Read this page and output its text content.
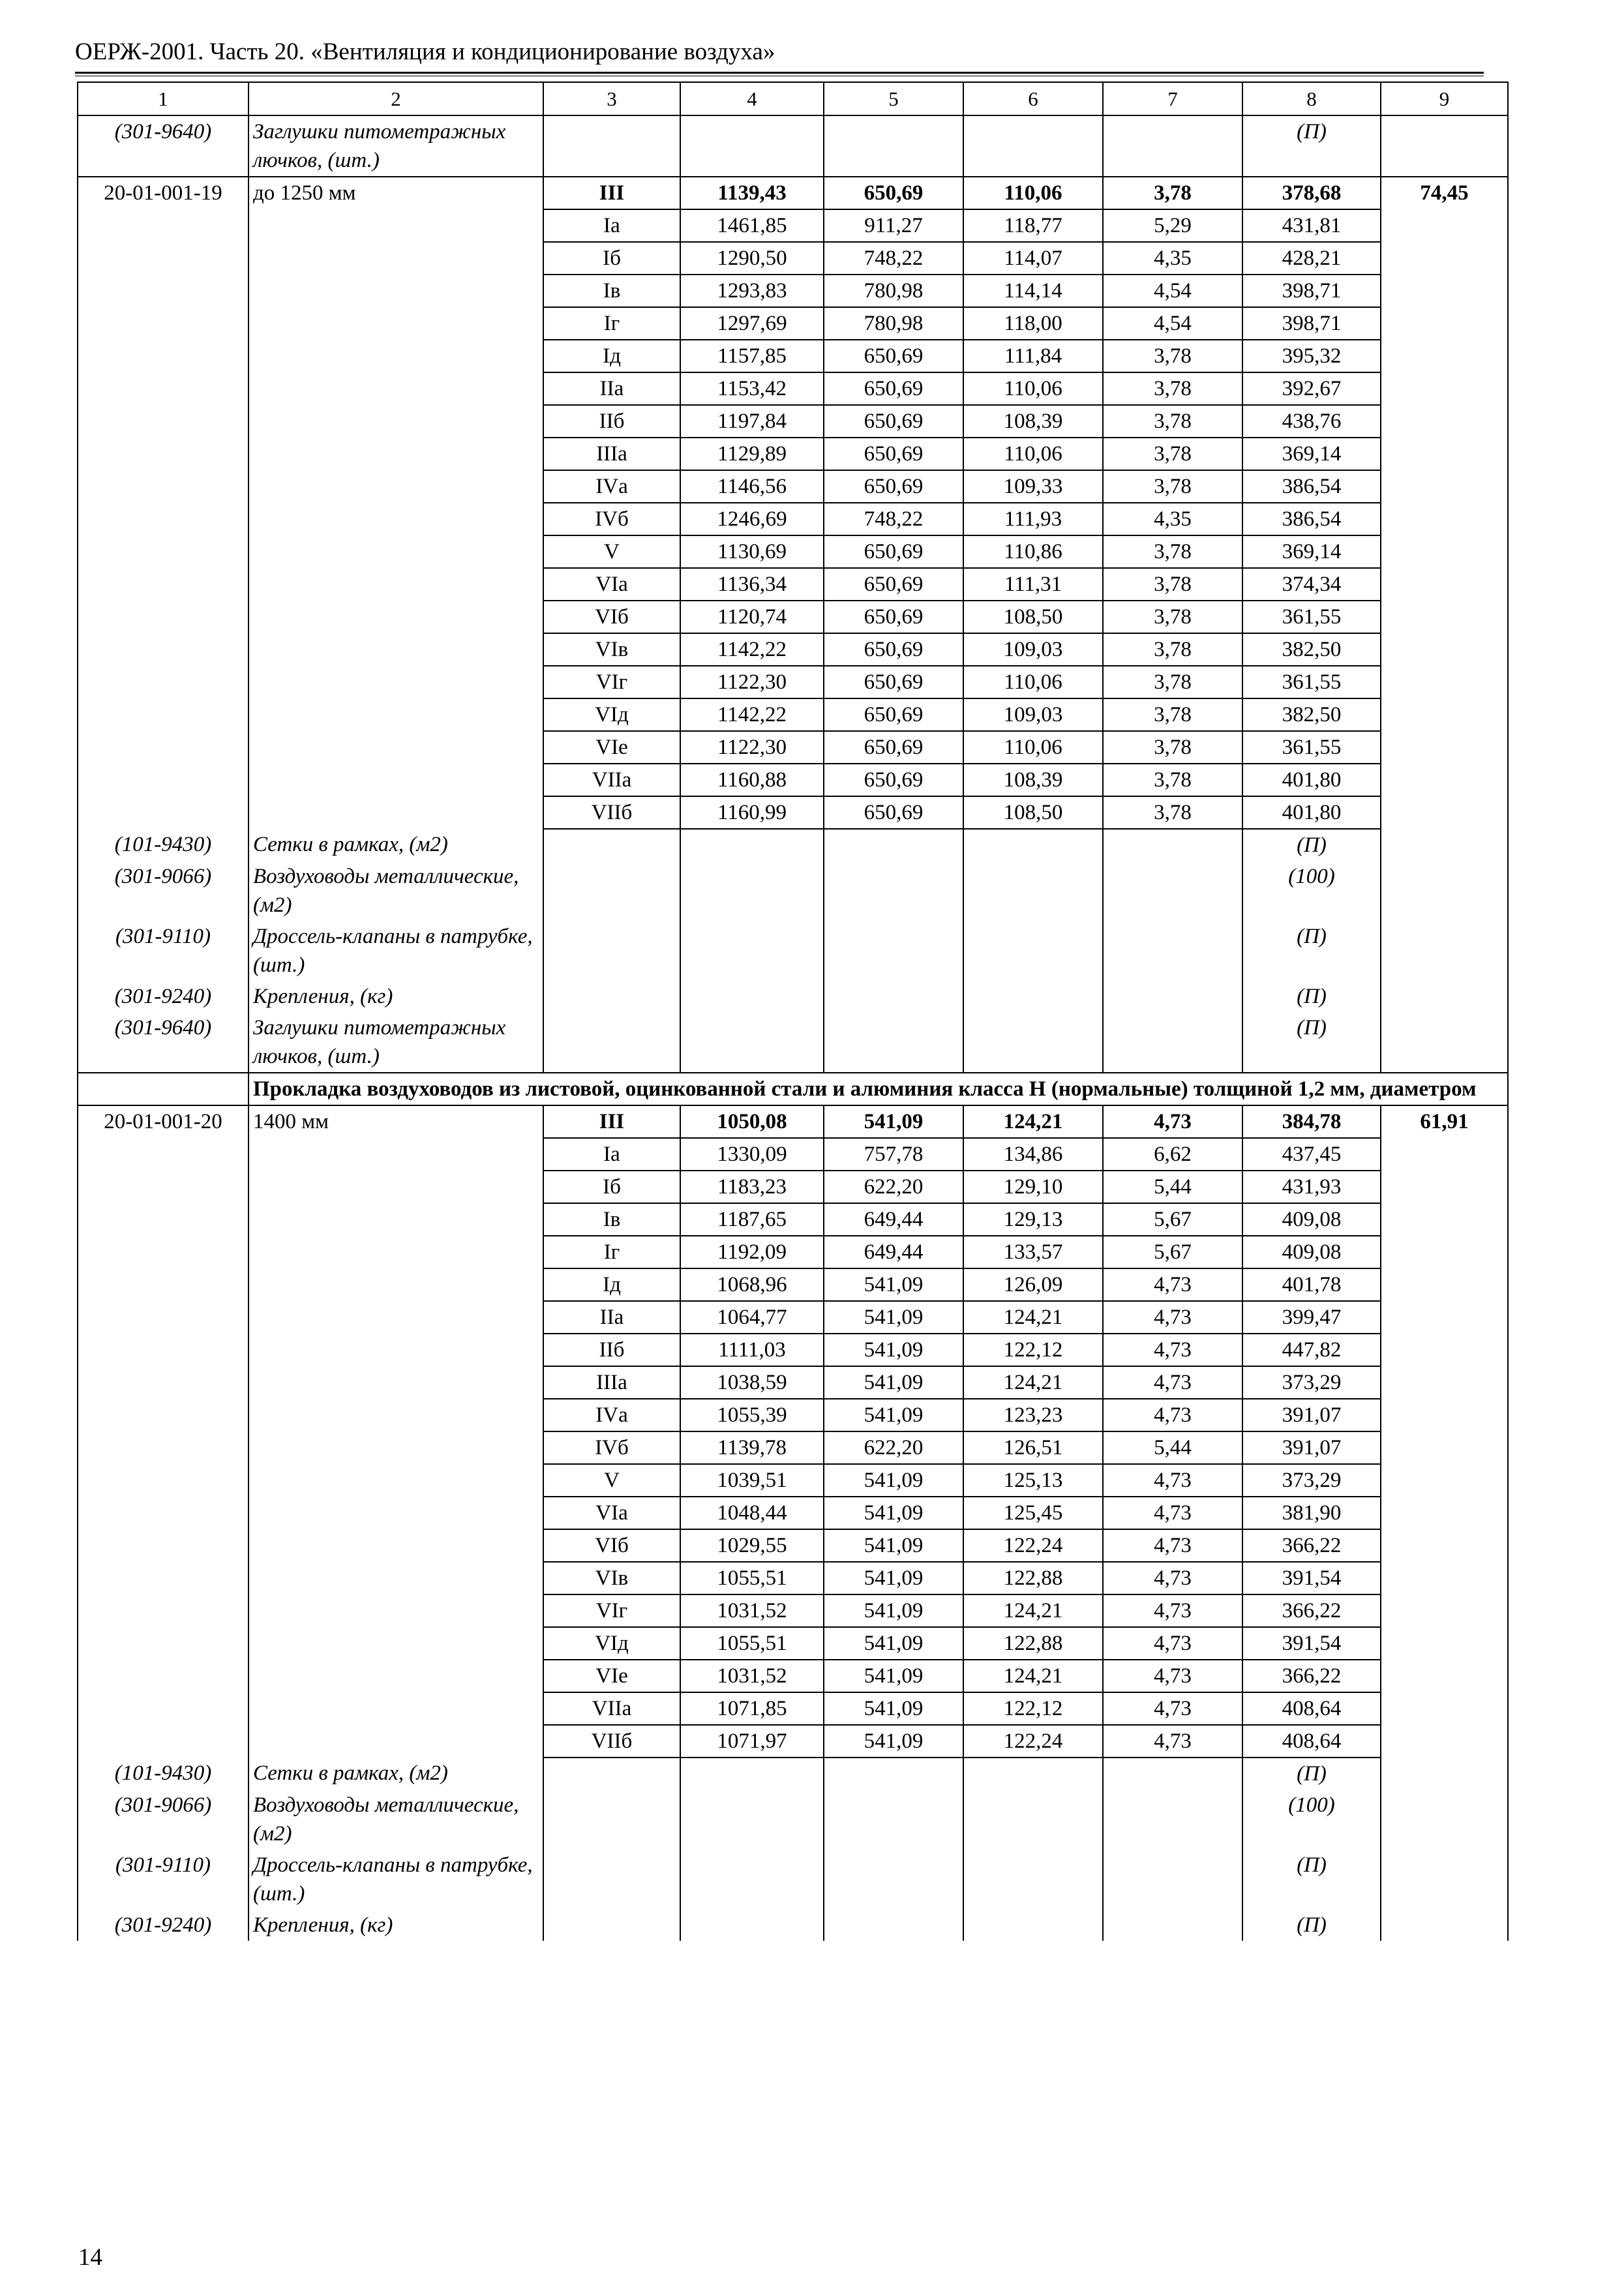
ОЕРЖ-2001. Часть 20. «Вентиляция и кондиционирование воздуха»
1	2	3	4	5	6	7	8	9
(301-9640)	Заглушки питометражных лючков, (шт.)						(П)	
20-01-001-19	до 1250 мм	III	1139,43	650,69	110,06	3,78	378,68	74,45
		Iа	1461,85	911,27	118,77	5,29	431,81	
		Iб	1290,50	748,22	114,07	4,35	428,21	
		Iв	1293,83	780,98	114,14	4,54	398,71	
		Iг	1297,69	780,98	118,00	4,54	398,71	
		Iд	1157,85	650,69	111,84	3,78	395,32	
		IIа	1153,42	650,69	110,06	3,78	392,67	
		IIб	1197,84	650,69	108,39	3,78	438,76	
		IIIа	1129,89	650,69	110,06	3,78	369,14	
		IVа	1146,56	650,69	109,33	3,78	386,54	
		IVб	1246,69	748,22	111,93	4,35	386,54	
		V	1130,69	650,69	110,86	3,78	369,14	
		VIа	1136,34	650,69	111,31	3,78	374,34	
		VIб	1120,74	650,69	108,50	3,78	361,55	
		VIв	1142,22	650,69	109,03	3,78	382,50	
		VIг	1122,30	650,69	110,06	3,78	361,55	
		VIд	1142,22	650,69	109,03	3,78	382,50	
		VIе	1122,30	650,69	110,06	3,78	361,55	
		VIIа	1160,88	650,69	108,39	3,78	401,80	
		VIIб	1160,99	650,69	108,50	3,78	401,80	
(101-9430)	Сетки в рамках, (м2)						(П)	
(301-9066)	Воздуховоды металлические, (м2)						(100)	
(301-9110)	Дроссель-клапаны в патрубке, (шт.)						(П)	
(301-9240)	Крепления, (кг)						(П)	
(301-9640)	Заглушки питометражных лючков, (шт.)						(П)	
	Прокладка воздуховодов из листовой, оцинкованной стали и алюминия класса Н (нормальные) толщиной 1,2 мм, диаметром							
20-01-001-20	1400 мм	III	1050,08	541,09	124,21	4,73	384,78	61,91
		Iа	1330,09	757,78	134,86	6,62	437,45	
		Iб	1183,23	622,20	129,10	5,44	431,93	
		Iв	1187,65	649,44	129,13	5,67	409,08	
		Iг	1192,09	649,44	133,57	5,67	409,08	
		Iд	1068,96	541,09	126,09	4,73	401,78	
		IIа	1064,77	541,09	124,21	4,73	399,47	
		IIб	1111,03	541,09	122,12	4,73	447,82	
		IIIа	1038,59	541,09	124,21	4,73	373,29	
		IVа	1055,39	541,09	123,23	4,73	391,07	
		IVб	1139,78	622,20	126,51	5,44	391,07	
		V	1039,51	541,09	125,13	4,73	373,29	
		VIа	1048,44	541,09	125,45	4,73	381,90	
		VIб	1029,55	541,09	122,24	4,73	366,22	
		VIв	1055,51	541,09	122,88	4,73	391,54	
		VIг	1031,52	541,09	124,21	4,73	366,22	
		VIд	1055,51	541,09	122,88	4,73	391,54	
		VIе	1031,52	541,09	124,21	4,73	366,22	
		VIIа	1071,85	541,09	122,12	4,73	408,64	
		VIIб	1071,97	541,09	122,24	4,73	408,64	
(101-9430)	Сетки в рамках, (м2)						(П)	
(301-9066)	Воздуховоды металлические, (м2)						(100)	
(301-9110)	Дроссель-клапаны в патрубке, (шт.)						(П)	
(301-9240)	Крепления, (кг)						(П)	
14
